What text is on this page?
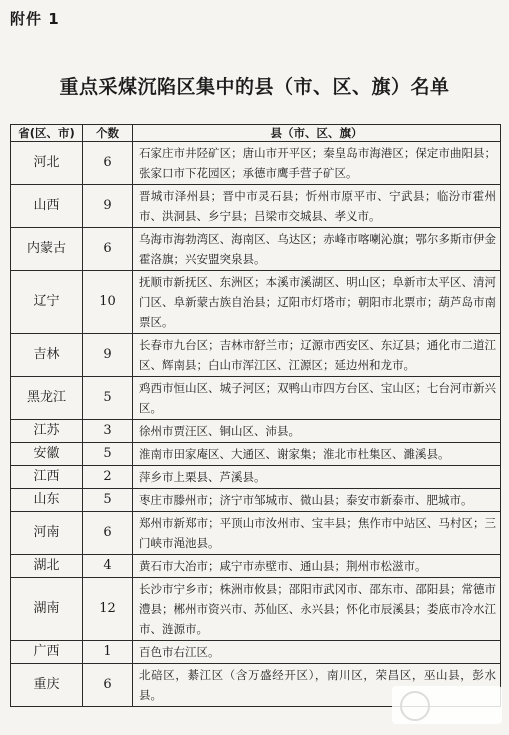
附件 1
重点采煤沉陷区集中的县（市、区、旗）名单
省(区、市)	个数	县（市、区、旗）
河北	6	石家庄市井陉矿区；唐山市开平区；秦皇岛市海港区；保定市曲阳县；张家口市下花园区；承德市鹰手营子矿区。
山西	9	晋城市泽州县；晋中市灵石县；忻州市原平市、宁武县；临汾市霍州市、洪洞县、乡宁县；吕梁市交城县、孝义市。
内蒙古	6	乌海市海勃湾区、海南区、乌达区；赤峰市喀喇沁旗；鄂尔多斯市伊金霍洛旗；兴安盟突泉县。
辽宁	10	抚顺市新抚区、东洲区；本溪市溪湖区、明山区；阜新市太平区、清河门区、阜新蒙古族自治县；辽阳市灯塔市；朝阳市北票市；葫芦岛市南票区。
吉林	9	长春市九台区；吉林市舒兰市；辽源市西安区、东辽县；通化市二道江区、辉南县；白山市浑江区、江源区；延边州和龙市。
黑龙江	5	鸡西市恒山区、城子河区；双鸭山市四方台区、宝山区；七台河市新兴区。
江苏	3	徐州市贾汪区、铜山区、沛县。
安徽	5	淮南市田家庵区、大通区、谢家集；淮北市杜集区、濉溪县。
江西	2	萍乡市上栗县、芦溪县。
山东	5	枣庄市滕州市；济宁市邹城市、微山县；泰安市新泰市、肥城市。
河南	6	郑州市新郑市；平顶山市汝州市、宝丰县；焦作市中站区、马村区；三门峡市渑池县。
湖北	4	黄石市大冶市；咸宁市赤壁市、通山县；荆州市松滋市。
湖南	12	长沙市宁乡市；株洲市攸县；邵阳市武冈市、邵东市、邵阳县；常德市澧县；郴州市资兴市、苏仙区、永兴县；怀化市辰溪县；娄底市冷水江市、涟源市。
广西	1	百色市右江区。
重庆	6	北碚区，綦江区（含万盛经开区），南川区，荣昌区，巫山县，彭水县。
